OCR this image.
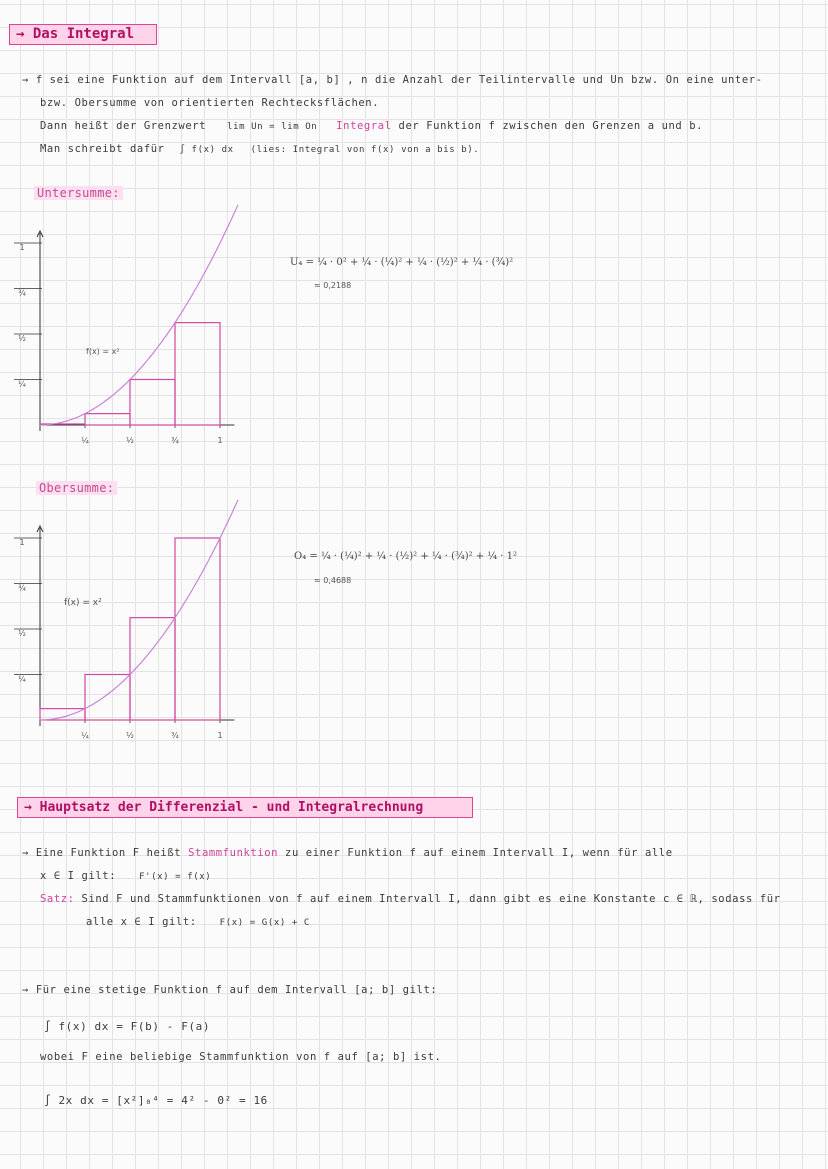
→ Das Integral
→ f sei eine Funktion auf dem Intervall [a, b] , n die Anzahl der Teilintervalle und Un bzw. On eine unter-
bzw. Obersumme von orientierten Rechtecksflächen.
Dann heißt der Grenzwert lim Un = lim On Integral der Funktion f zwischen den Grenzen a und b.
Man schreibt dafür ∫ f(x) dx (lies: Integral von f(x) von a bis b).
Untersumme:
1
¾
½
¼
¼	½	¾	1
f(x) = x²
U₄ = ¼ · 0² + ¼ · (¼)² + ¼ · (½)² + ¼ · (¾)²
≈ 0,2188
Obersumme:
1
¾
½
¼
¼	½	¾	1
f(x) = x²
O₄ = ¼ · (¼)² + ¼ · (½)² + ¼ · (¾)² + ¼ · 1²
≈ 0,4688
→ Hauptsatz der Differenzial - und Integralrechnung
→ Eine Funktion F heißt Stammfunktion zu einer Funktion f auf einem Intervall I, wenn für alle
x ∈ I gilt:	F'(x) = f(x)
Satz: Sind F und Stammfunktionen von f auf einem Intervall I, dann gibt es eine Konstante c ∈ ℝ, sodass für
alle x ∈ I gilt:	F(x) = G(x) + C
→ Für eine stetige Funktion f auf dem Intervall [a; b] gilt:
∫ f(x) dx = F(b) - F(a)
wobei F eine beliebige Stammfunktion von f auf [a; b] ist.
∫ 2x dx = [x²]₀⁴ = 4² - 0² = 16
